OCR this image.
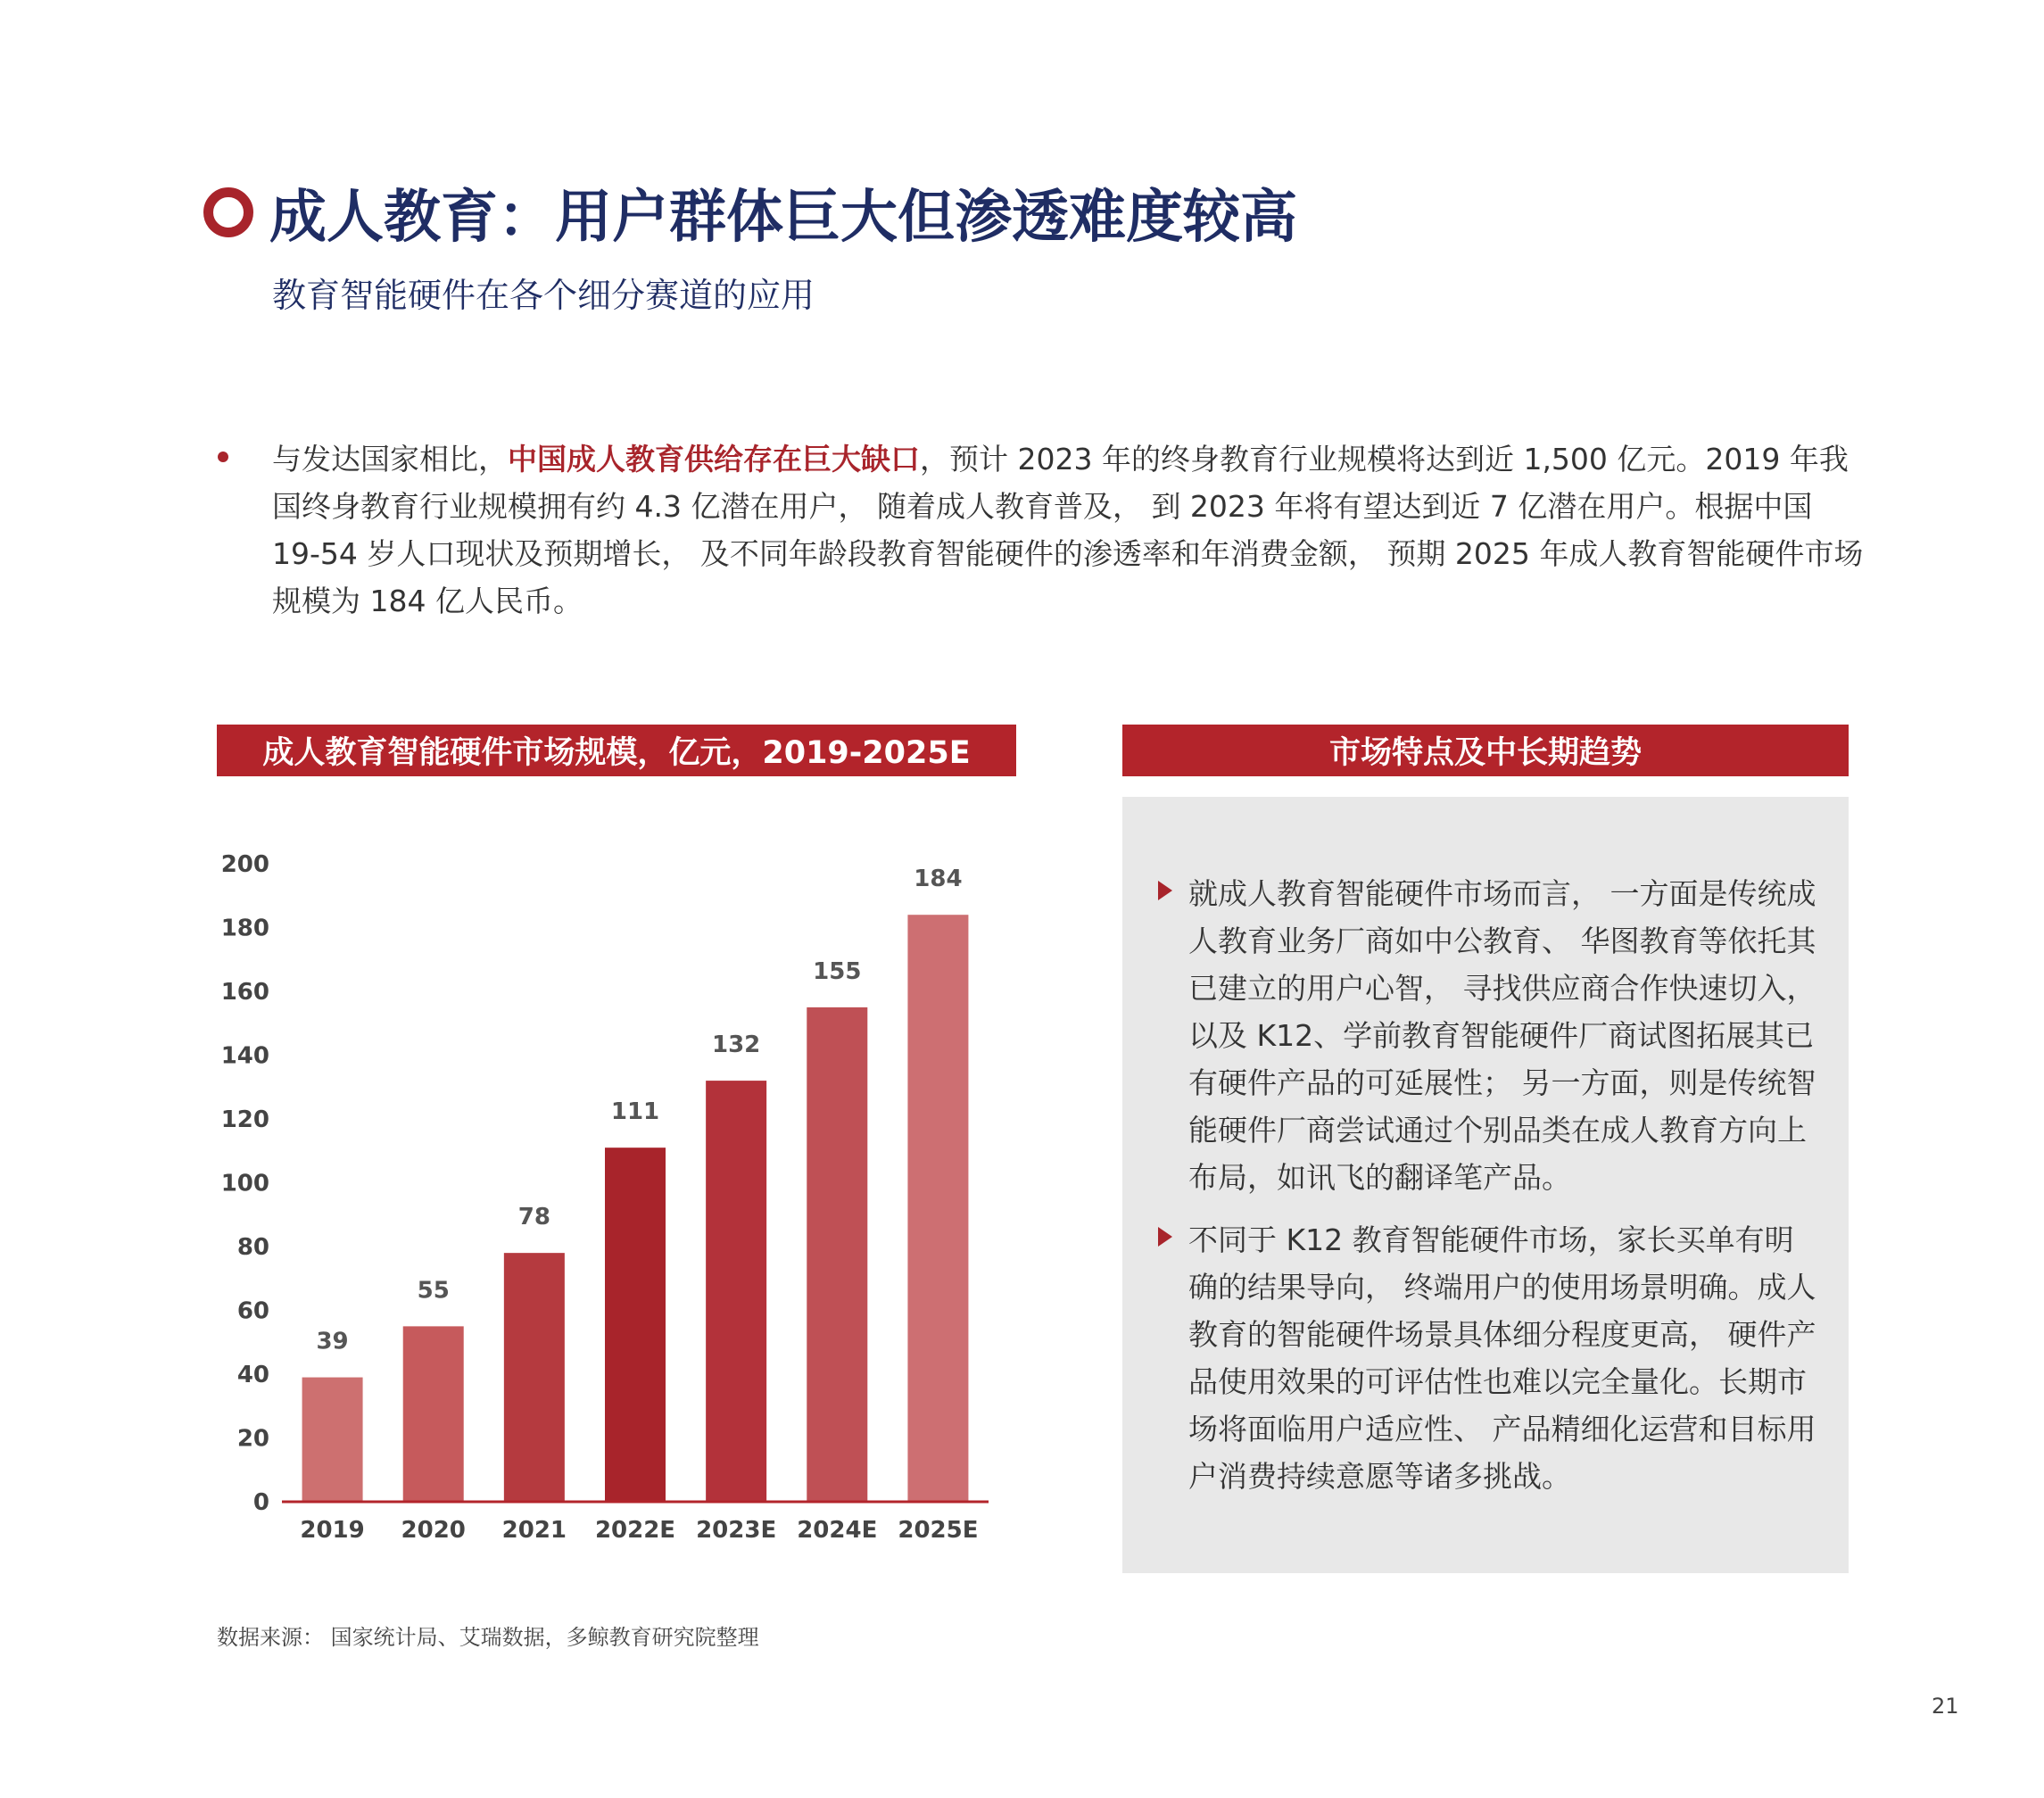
成人教育：用户群体巨大但渗透难度较高
教育智能硬件在各个细分赛道的应用
与发达国家相比，中国成人教育供给存在巨大缺口，预计 2023 年的终身教育行业规模将达到近 1,500 亿元。2019 年我国终身教育行业规模拥有约 4.3 亿潜在用户， 随着成人教育普及， 到 2023 年将有望达到近 7 亿潜在用户。根据中国 19-54 岁人口现状及预期增长， 及不同年龄段教育智能硬件的渗透率和年消费金额， 预期 2025 年成人教育智能硬件市场规模为 184 亿人民币。
成人教育智能硬件市场规模，亿元，2019-2025E	市场特点及中长期趋势
0
20
40
60
80
100
120
140
160
180
200
39
2019
55
2020
78
2021
111
2022E
132
2023E
155
2024E
184
2025E
就成人教育智能硬件市场而言， 一方面是传统成人教育业务厂商如中公教育、 华图教育等依托其已建立的用户心智， 寻找供应商合作快速切入， 以及 K12、学前教育智能硬件厂商试图拓展其已有硬件产品的可延展性； 另一方面，则是传统智能硬件厂商尝试通过个别品类在成人教育方向上布局，如讯飞的翻译笔产品。
不同于 K12 教育智能硬件市场，家长买单有明确的结果导向， 终端用户的使用场景明确。成人教育的智能硬件场景具体细分程度更高， 硬件产品使用效果的可评估性也难以完全量化。长期市场将面临用户适应性、 产品精细化运营和目标用户消费持续意愿等诸多挑战。
数据来源： 国家统计局、艾瑞数据，多鲸教育研究院整理
21
